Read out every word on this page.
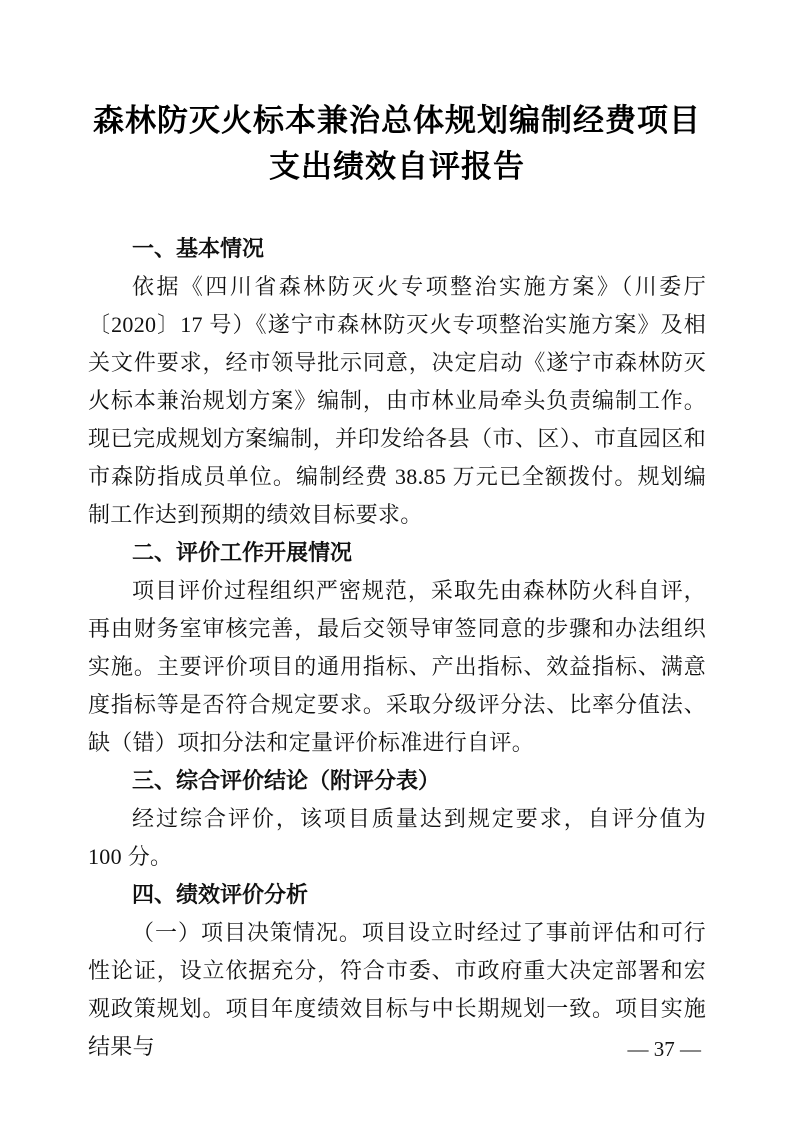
森林防灭火标本兼治总体规划编制经费项目
支出绩效自评报告
一、基本情况

依据《四川省森林防灭火专项整治实施方案》（川委厅〔2020〕17 号）《遂宁市森林防灭火专项整治实施方案》及相关文件要求，经市领导批示同意，决定启动《遂宁市森林防灭火标本兼治规划方案》编制，由市林业局牵头负责编制工作。现已完成规划方案编制，并印发给各县（市、区）、市直园区和市森防指成员单位。编制经费 38.85 万元已全额拨付。规划编制工作达到预期的绩效目标要求。

二、评价工作开展情况

项目评价过程组织严密规范，采取先由森林防火科自评，再由财务室审核完善，最后交领导审签同意的步骤和办法组织实施。主要评价项目的通用指标、产出指标、效益指标、满意度指标等是否符合规定要求。采取分级评分法、比率分值法、缺（错）项扣分法和定量评价标准进行自评。

三、综合评价结论（附评分表）

经过综合评价，该项目质量达到规定要求，自评分值为 100 分。

四、绩效评价分析

（一）项目决策情况。项目设立时经过了事前评估和可行性论证，设立依据充分，符合市委、市政府重大决定部署和宏观政策规划。项目年度绩效目标与中长期规划一致。项目实施结果与	— 37 —
